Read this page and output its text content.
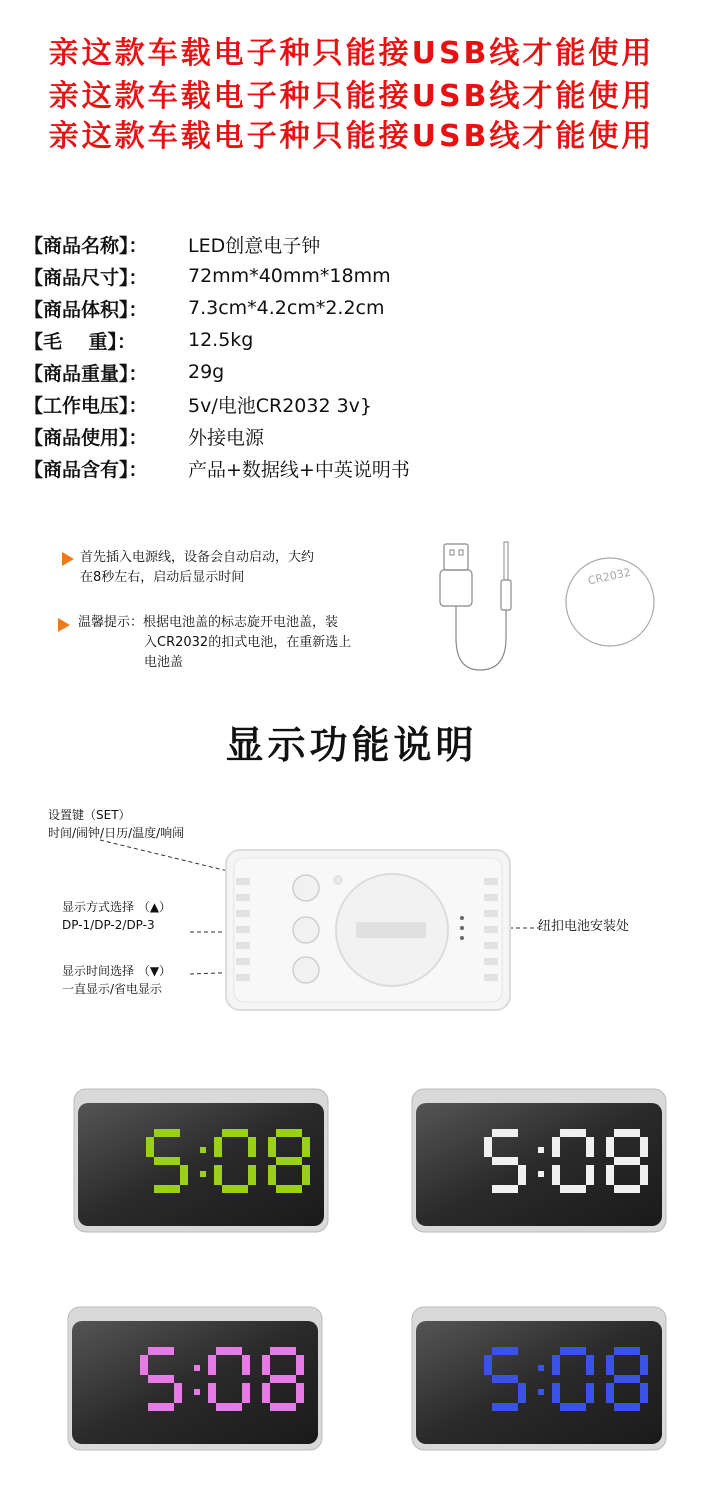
亲这款车载电子种只能接USB线才能使用
亲这款车载电子种只能接USB线才能使用
亲这款车载电子种只能接USB线才能使用
【商品名称】：	LED创意电子钟
【商品尺寸】：	72mm*40mm*18mm
【商品体积】：	7.3cm*4.2cm*2.2cm
【毛    重】：	12.5kg
【商品重量】：	29g
【工作电压】：	5v/电池CR2032 3v}
【商品使用】：	外接电源
【商品含有】：	产品+数据线+中英说明书
首先插入电源线，设备会自动启动，大约
在8秒左右，启动后显示时间
温馨提示：根据电池盖的标志旋开电池盖，装
入CR2032的扣式电池，在重新选上
电池盖
CR2032
显示功能说明
设置键（SET）
时间/闹钟/日历/温度/响闹
显示方式选择 （▲）
DP-1/DP-2/DP-3
显示时间选择 （▼）
一直显示/省电显示
纽扣电池安装处
